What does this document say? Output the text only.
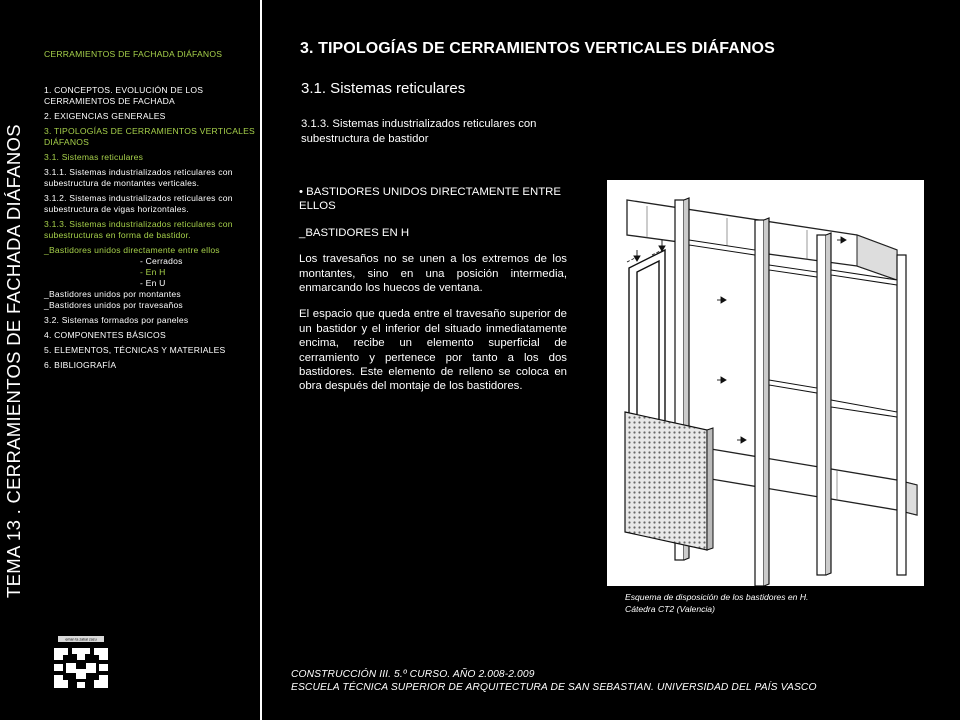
TEMA 13 . CERRAMIENTOS DE FACHADA DIÁFANOS
CERRAMIENTOS DE FACHADA DIÁFANOS
1. CONCEPTOS. EVOLUCIÓN DE LOS CERRAMIENTOS DE FACHADA
2. EXIGENCIAS GENERALES
3. TIPOLOGÍAS DE CERRAMIENTOS VERTICALES DIÁFANOS
3.1. Sistemas reticulares
3.1.1. Sistemas industrializados reticulares con subestructura de montantes verticales.
3.1.2. Sistemas industrializados reticulares con subestructura de vigas horizontales.
3.1.3. Sistemas industrializados reticulares con subestructuras en forma de bastidor.
_Bastidores unidos directamente entre ellos
- Cerrados
- En H
- En U
_Bastidores unidos por montantes
_Bastidores unidos por travesaños
3.2. Sistemas formados por paneles
4. COMPONENTES BÁSICOS
5. ELEMENTOS, TÉCNICAS Y MATERIALES
6. BIBLIOGRAFÍA
eman ta zabal zazu
3. TIPOLOGÍAS DE CERRAMIENTOS VERTICALES DIÁFANOS
3.1. Sistemas reticulares
3.1.3. Sistemas industrializados reticulares con subestructura de bastidor

• BASTIDORES UNIDOS DIRECTAMENTE ENTRE ELLOS

_BASTIDORES EN H

Los travesaños no se unen a los extremos de los montantes, sino en una posición intermedia, enmarcando los huecos de ventana.

El espacio que queda entre el travesaño superior de un bastidor y el inferior del situado inmediatamente encima, recibe un elemento superficial de cerramiento y pertenece por tanto a los dos bastidores. Este elemento de relleno se coloca en obra después del montaje de los bastidores.

Esquema de disposición de los bastidores en H.
Cátedra CT2 (Valencia)
CONSTRUCCIÓN III. 5.º CURSO. AÑO 2.008-2.009
ESCUELA TÉCNICA SUPERIOR DE ARQUITECTURA DE SAN SEBASTIAN. UNIVERSIDAD DEL PAÍS VASCO
